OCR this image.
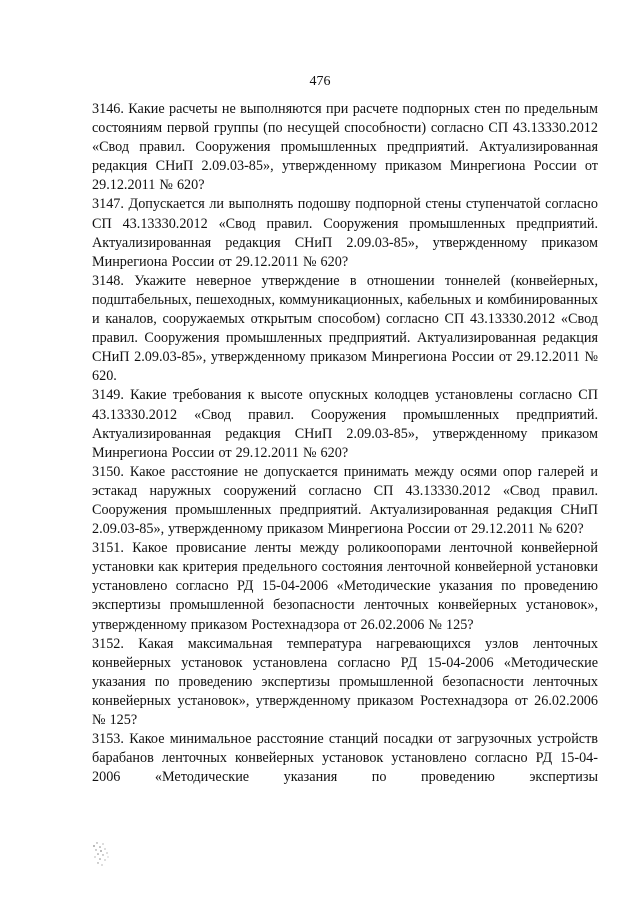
476

3146. Какие расчеты не выполняются при расчете подпорных стен по предельным состояниям первой группы (по несущей способности) согласно СП 43.13330.2012 «Свод правил. Сооружения промышленных предприятий. Актуализированная редакция СНиП 2.09.03-85», утвержденному приказом Минрегиона России от 29.12.2011 № 620?

3147. Допускается ли выполнять подошву подпорной стены ступенчатой согласно СП 43.13330.2012 «Свод правил. Сооружения промышленных предприятий. Актуализированная редакция СНиП 2.09.03-85», утвержденному приказом Минрегиона России от 29.12.2011 № 620?

3148. Укажите неверное утверждение в отношении тоннелей (конвейерных, подштабельных, пешеходных, коммуникационных, кабельных и комбинированных и каналов, сооружаемых открытым способом) согласно СП 43.13330.2012 «Свод правил. Сооружения промышленных предприятий. Актуализированная редакция СНиП 2.09.03-85», утвержденному приказом Минрегиона России от 29.12.2011 № 620.

3149. Какие требования к высоте опускных колодцев установлены согласно СП 43.13330.2012 «Свод правил. Сооружения промышленных предприятий. Актуализированная редакция СНиП 2.09.03-85», утвержденному приказом Минрегиона России от 29.12.2011 № 620?

3150. Какое расстояние не допускается принимать между осями опор галерей и эстакад наружных сооружений согласно СП 43.13330.2012 «Свод правил. Сооружения промышленных предприятий. Актуализированная редакция СНиП 2.09.03-85», утвержденному приказом Минрегиона России от 29.12.2011 № 620?

3151. Какое провисание ленты между роликоопорами ленточной конвейерной установки как критерия предельного состояния ленточной конвейерной установки установлено согласно РД 15-04-2006 «Методические указания по проведению экспертизы промышленной безопасности ленточных конвейерных установок», утвержденному приказом Ростехнадзора от 26.02.2006 № 125?

3152. Какая максимальная температура нагревающихся узлов ленточных конвейерных установок установлена согласно РД 15-04-2006 «Методические указания по проведению экспертизы промышленной безопасности ленточных конвейерных установок», утвержденному приказом Ростехнадзора от 26.02.2006 № 125?

3153. Какое минимальное расстояние станций посадки от загрузочных устройств барабанов ленточных конвейерных установок установлено согласно РД 15-04-2006 «Методические указания по проведению экспертизы
